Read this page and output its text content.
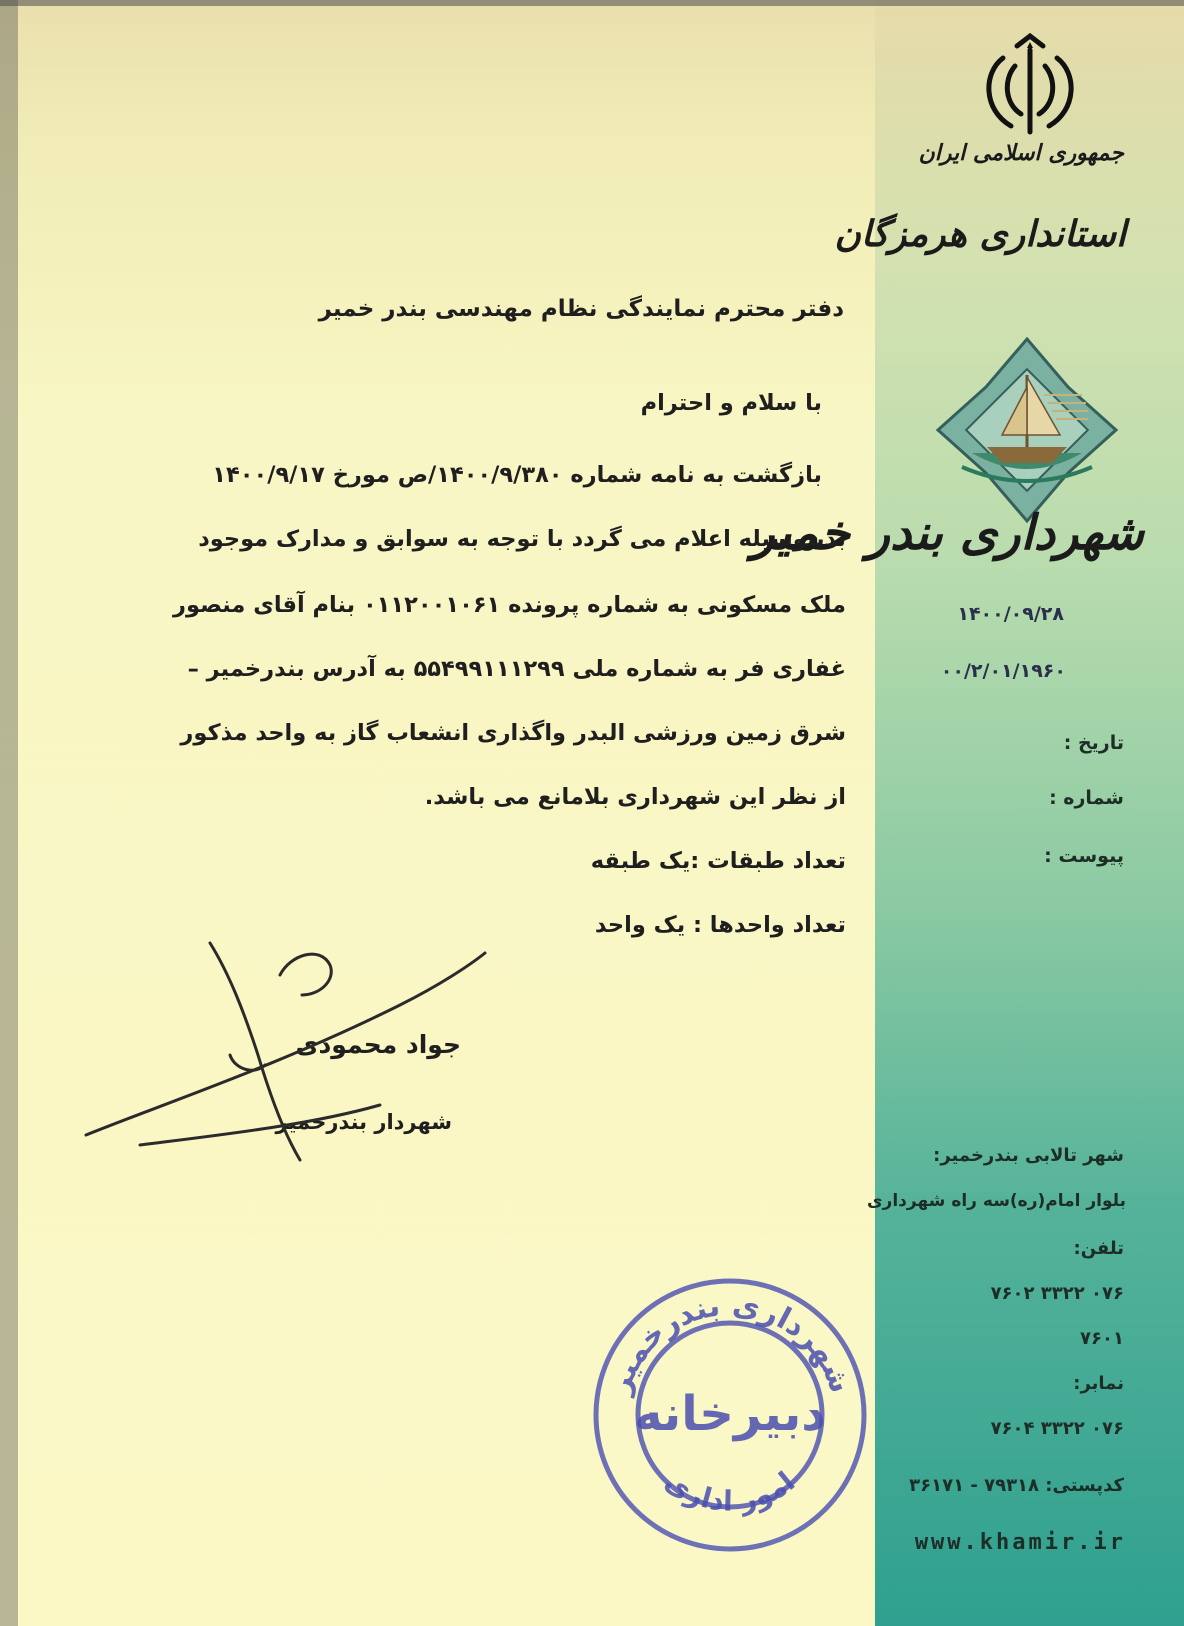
جمهوری اسلامی ایران
استانداری هرمزگان
شهرداری بندر خمیر
۱۴۰۰/۰۹/۲۸
۰۰/۲/۰۱/۱۹۶۰
تاریخ :
شماره :
پیوست :
دفتر محترم نمایندگی نظام مهندسی بندر خمیر
با سلام و احترام
بازگشت به نامه شماره ۱۴۰۰/۹/۳۸۰/ص مورخ ۱۴۰۰/۹/۱۷
بدینوسیله اعلام می گردد با توجه به سوابق و مدارک موجود
ملک مسکونی به شماره پرونده ۰۱۱۲۰۰۱۰۶۱ بنام آقای منصور
غفاری فر به شماره ملی ۵۵۴۹۹۱۱۱۲۹۹ به آدرس بندرخمیر –
شرق زمین ورزشی البدر واگذاری انشعاب گاز به واحد مذکور
از نظر این شهرداری بلامانع می باشد.
تعداد طبقات :یک طبقه
تعداد واحدها : یک واحد
جواد محمودی
شهردار بندرخمیر
شهر تالابی بندرخمیر:
بلوار امام(ره)سه راه شهرداری
تلفن:
۰۷۶ ۳۳۲۲ ۷۶۰۲
۷۶۰۱
نمابر:
۰۷۶ ۳۳۲۲ ۷۶۰۴
کدپستی: ۷۹۳۱۸ - ۳۶۱۷۱
www.khamir.ir
شهرداری بندرخمیر
دبیرخانه
امور اداری
